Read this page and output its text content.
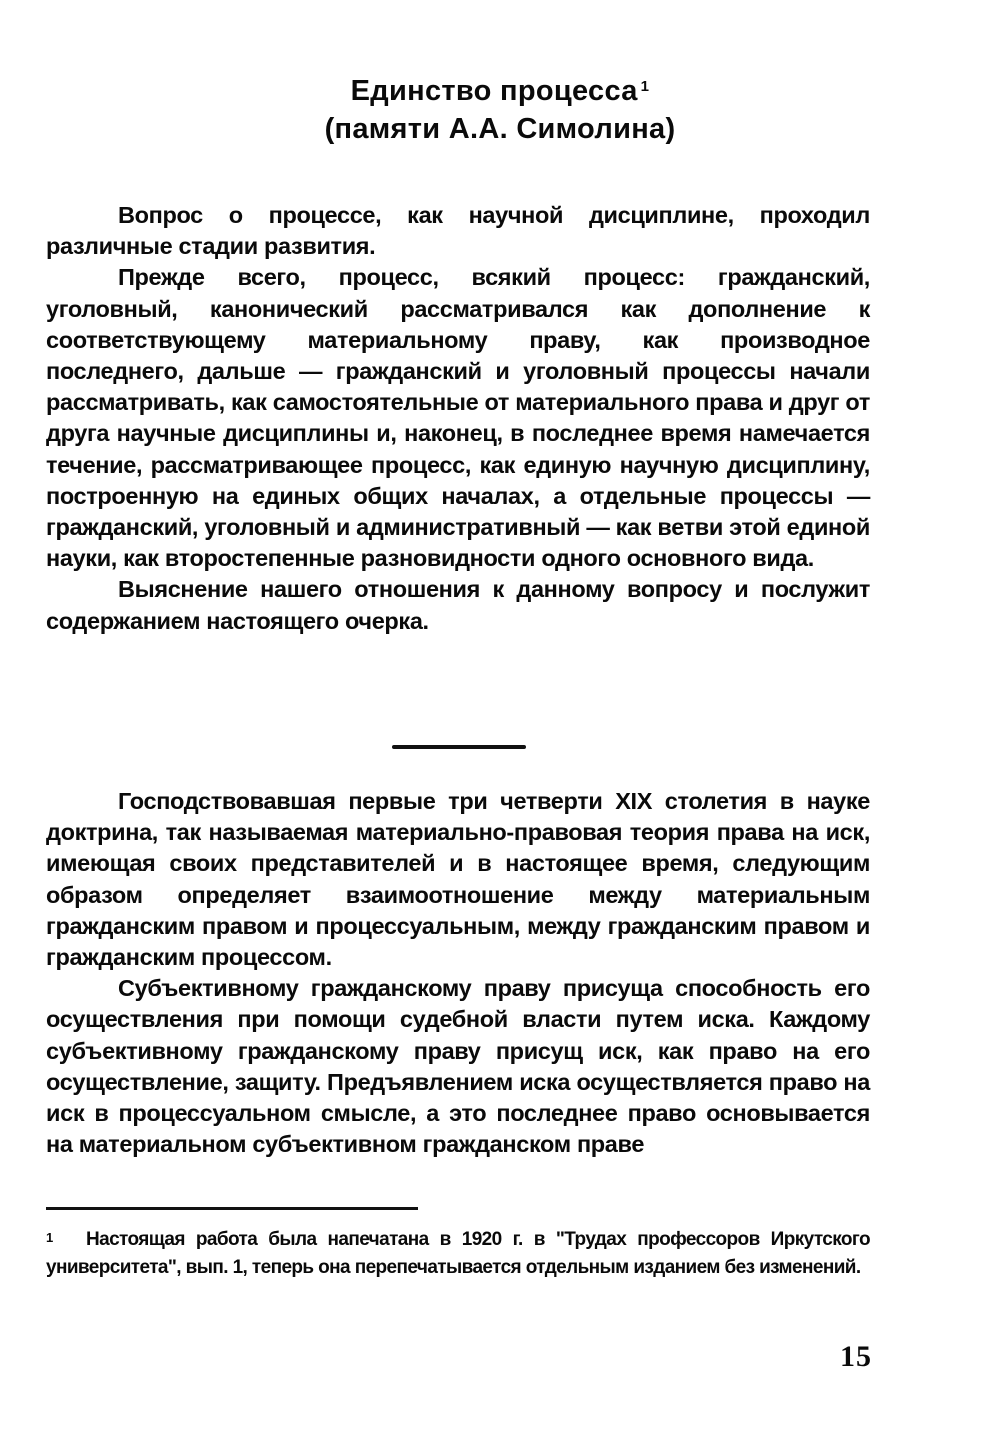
Единство процесса $^1$
(памяти А.А. Симолина)

Вопрос о процессе, как научной дисциплине, проходил различные стадии развития.

Прежде всего, процесс, всякий процесс: гражданский, уголовный, канонический рассматривался как дополнение к соответствующему материальному праву, как производное последнего, дальше — гражданский и уголовный процессы начали рассматривать, как самостоятельные от материального права и друг от друга научные дисциплины и, наконец, в последнее время намечается течение, рассматривающее процесс, как единую научную дисциплину, построенную на единых общих началах, а отдельные процессы — гражданский, уголовный и административный — как ветви этой единой науки, как второстепенные разновидности одного основного вида.

Выяснение нашего отношения к данному вопросу и послужит содержанием настоящего очерка.

Господствовавшая первые три четверти XIX столетия в науке доктрина, так называемая материально-правовая теория права на иск, имеющая своих представителей и в настоящее время, следующим образом определяет взаимоотношение между материальным гражданским правом и процессуальным, между гражданским правом и гражданским процессом.

Субъективному гражданскому праву присуща способность его осуществления при помощи судебной власти путем иска. Каждому субъективному гражданскому праву присущ иск, как право на его осуществление, защиту. Предъявлением иска осуществляется право на иск в процессуальном смысле, а это последнее право основывается на материальном субъективном гражданском праве

1 Настоящая работа была напечатана в 1920 г. в "Трудах профессоров Иркутского университета", вып. 1, теперь она перепечатывается отдельным изданием без изменений.
15
